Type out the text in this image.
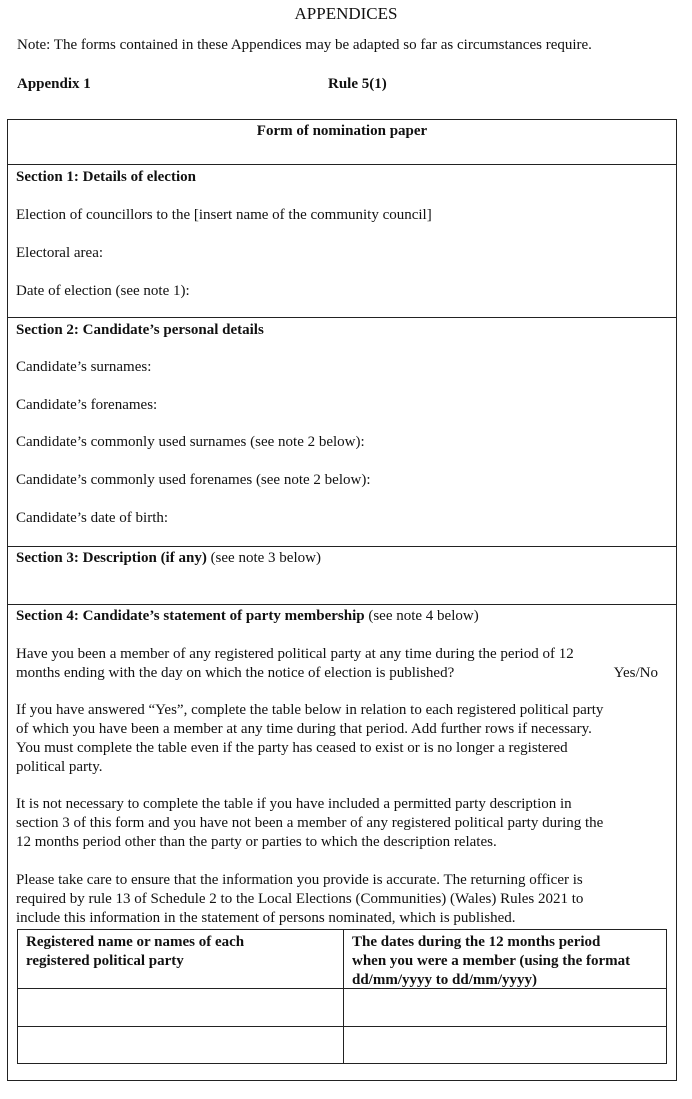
APPENDICES
Note: The forms contained in these Appendices may be adapted so far as circumstances require.
Appendix 1	Rule 5(1)
Form of nomination paper
Section 1: Details of election
Election of councillors to the [insert name of the community council]
Electoral area:
Date of election (see note 1):
Section 2: Candidate’s personal details
Candidate’s surnames:
Candidate’s forenames:
Candidate’s commonly used surnames (see note 2 below):
Candidate’s commonly used forenames (see note 2 below):
Candidate’s date of birth:
Section 3: Description (if any) (see note 3 below)
Section 4: Candidate’s statement of party membership (see note 4 below)
Have you been a member of any registered political party at any time during the period of 12
months ending with the day on which the notice of election is published?	Yes/No
If you have answered “Yes”, complete the table below in relation to each registered political party
of which you have been a member at any time during that period. Add further rows if necessary.
You must complete the table even if the party has ceased to exist or is no longer a registered
political party.
It is not necessary to complete the table if you have included a permitted party description in
section 3 of this form and you have not been a member of any registered political party during the
12 months period other than the party or parties to which the description relates.
Please take care to ensure that the information you provide is accurate. The returning officer is
required by rule 13 of Schedule 2 to the Local Elections (Communities) (Wales) Rules 2021 to
include this information in the statement of persons nominated, which is published.
Registered name or names of each
registered political party
The dates during the 12 months period
when you were a member (using the format
dd/mm/yyyy to dd/mm/yyyy)
